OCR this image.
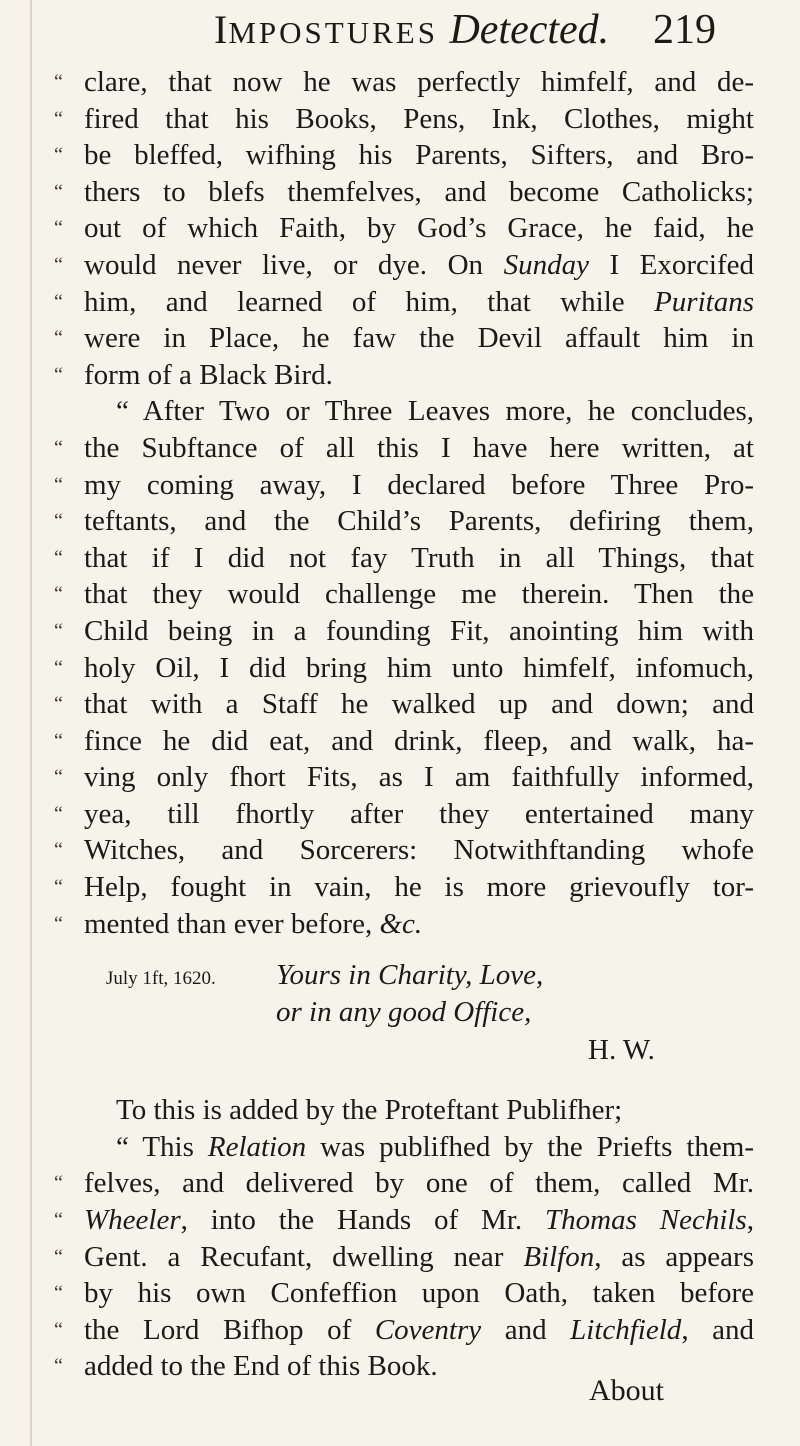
IMPOSTURES Detected. 219
“ clare, that now he was perfectly himfelf, and de-
“ fired that his Books, Pens, Ink, Clothes, might
“ be bleffed, wifhing his Parents, Sifters, and Bro-
“ thers to blefs themfelves, and become Catholicks;
“ out of which Faith, by God’s Grace, he faid, he
“ would never live, or dye. On Sunday I Exorcifed
“ him, and learned of him, that while Puritans
“ were in Place, he faw the Devil affault him in
“ form of a Black Bird.
“ After Two or Three Leaves more, he concludes,
“ the Subftance of all this I have here written, at
“ my coming away, I declared before Three Pro-
“ teftants, and the Child’s Parents, defiring them,
“ that if I did not fay Truth in all Things, that
“ that they would challenge me therein. Then the
“ Child being in a founding Fit, anointing him with
“ holy Oil, I did bring him unto himfelf, infomuch,
“ that with a Staff he walked up and down; and
“ fince he did eat, and drink, fleep, and walk, ha-
“ ving only fhort Fits, as I am faithfully informed,
“ yea, till fhortly after they entertained many
“ Witches, and Sorcerers: Notwithftanding whofe
“ Help, fought in vain, he is more grievoufly tor-
“ mented than ever before, &c.
July 1ft, 1620. Yours in Charity, Love,
or in any good Office,
H. W.
To this is added by the Proteftant Publifher;
“ This Relation was publifhed by the Priefts them-
“ felves, and delivered by one of them, called Mr.
“ Wheeler, into the Hands of Mr. Thomas Nechils,
“ Gent. a Recufant, dwelling near Bilfon, as appears
“ by his own Confeffion upon Oath, taken before
“ the Lord Bifhop of Coventry and Litchfield, and
“ added to the End of this Book.
About
